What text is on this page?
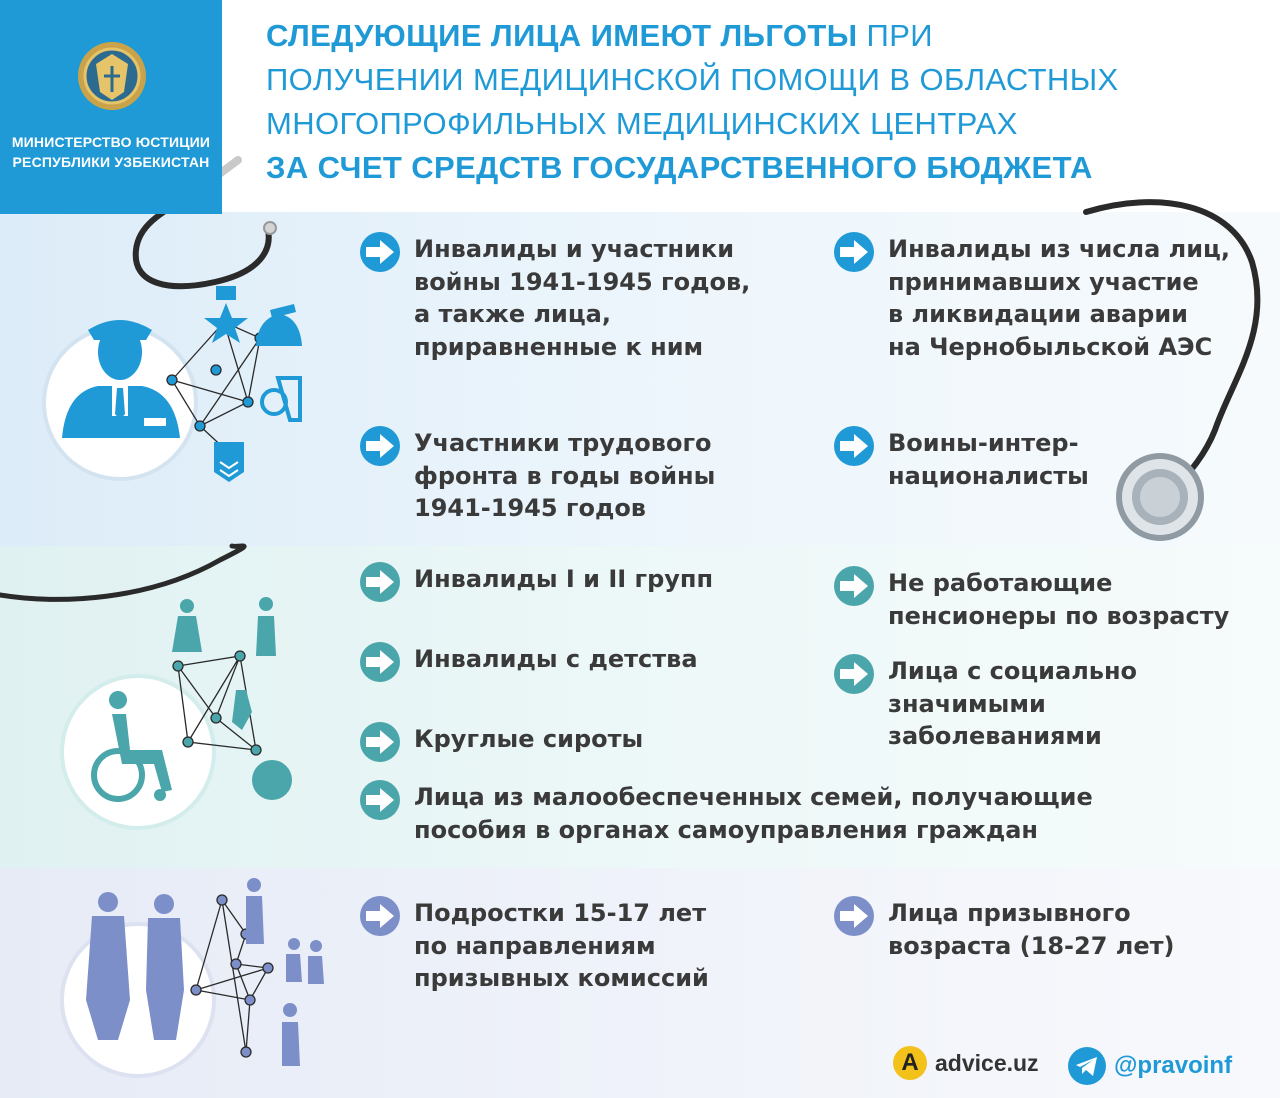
МИНИСТЕРСТВО ЮСТИЦИИ
РЕСПУБЛИКИ УЗБЕКИСТАН
СЛЕДУЮЩИЕ ЛИЦА ИМЕЮТ ЛЬГОТЫ ПРИ
ПОЛУЧЕНИИ МЕДИЦИНСКОЙ ПОМОЩИ В ОБЛАСТНЫХ
МНОГОПРОФИЛЬНЫХ МЕДИЦИНСКИХ ЦЕНТРАХ
ЗА СЧЕТ СРЕДСТВ ГОСУДАРСТВЕННОГО БЮДЖЕТА
Инвалиды и участники
войны 1941-1945 годов,
а также лица,
приравненные к ним
Инвалиды из числа лиц,
принимавших участие
в ликвидации аварии
на Чернобыльской АЭС
Участники трудового
фронта в годы войны
1941-1945 годов
Воины-интер-
националисты
Инвалиды I и II групп	Не работающие
пенсионеры по возрасту
Инвалиды с детства	Лица с социально
значимыми
заболеваниями
Круглые сироты
Лица из малообеспеченных семей, получающие
пособия в органах самоуправления граждан
Подростки 15-17 лет
по направлениям
призывных комиссий
Лица призывного
возраста (18-27 лет)
A advice.uz	@pravoinf
